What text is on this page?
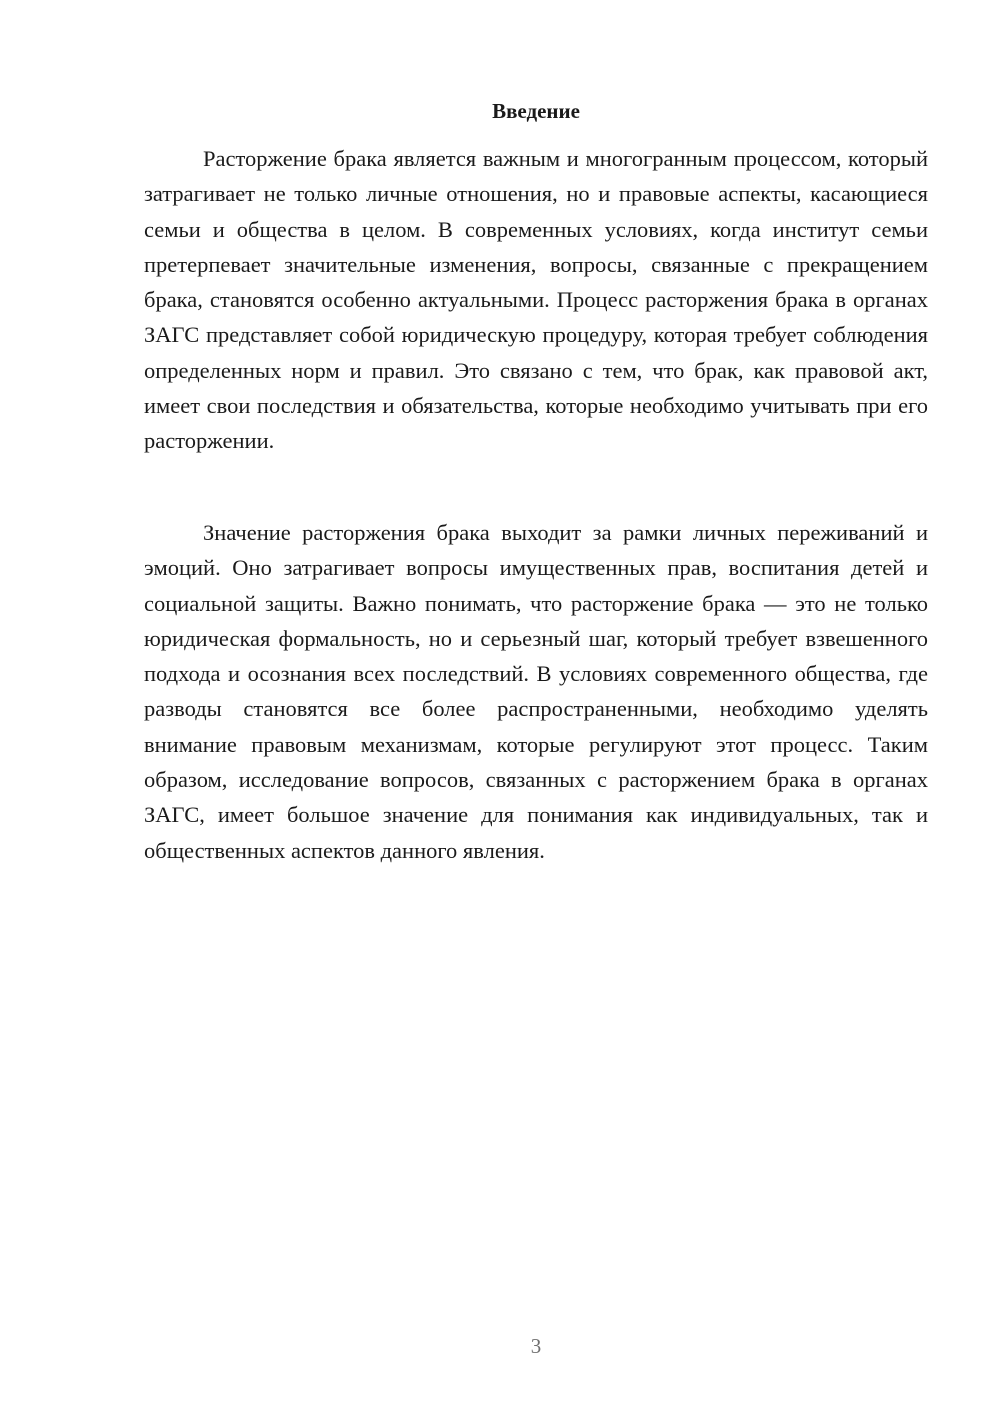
Введение

Расторжение брака является важным и многогранным процессом, который затрагивает не только личные отношения, но и правовые аспекты, касающиеся семьи и общества в целом. В современных условиях, когда институт семьи претерпевает значительные изменения, вопросы, связанные с прекращением брака, становятся особенно актуальными. Процесс расторжения брака в органах ЗАГС представляет собой юридическую процедуру, которая требует соблюдения определенных норм и правил. Это связано с тем, что брак, как правовой акт, имеет свои последствия и обязательства, которые необходимо учитывать при его расторжении.

Значение расторжения брака выходит за рамки личных переживаний и эмоций. Оно затрагивает вопросы имущественных прав, воспитания детей и социальной защиты. Важно понимать, что расторжение брака — это не только юридическая формальность, но и серьезный шаг, который требует взвешенного подхода и осознания всех последствий. В условиях современного общества, где разводы становятся все более распространенными, необходимо уделять внимание правовым механизмам, которые регулируют этот процесс. Таким образом, исследование вопросов, связанных с расторжением брака в органах ЗАГС, имеет большое значение для понимания как индивидуальных, так и общественных аспектов данного явления.

3
